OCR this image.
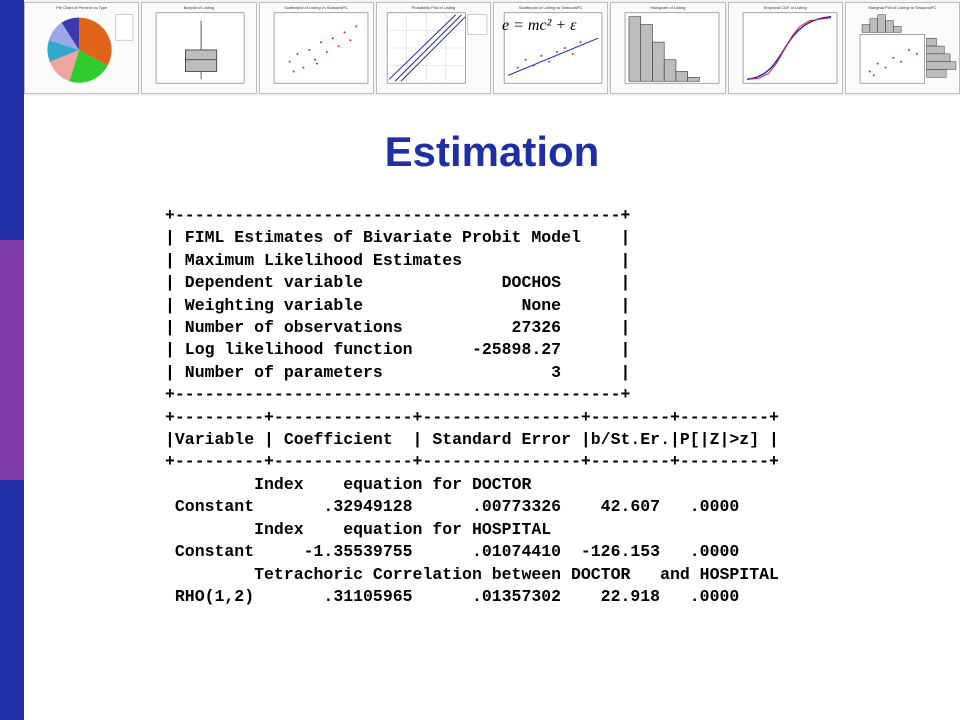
Pie Chart of Percent vs Type	Boxplot of Listing	Scatterplot of Listing vs SeasonsPC	Probability Plot of Listing	Scatterplot of Listing vs SeasonsPC
e = mc² + ε
Histogram of Listing	Empirical CDF of Listing	Marginal Plot of Listing vs SeasonsPC
Estimation
+---------------------------------------------+
| FIML Estimates of Bivariate Probit Model    |
| Maximum Likelihood Estimates                |
| Dependent variable              DOCHOS      |
| Weighting variable                None      |
| Number of observations           27326      |
| Log likelihood function      -25898.27      |
| Number of parameters                 3      |
+---------------------------------------------+
+---------+--------------+----------------+--------+---------+
|Variable | Coefficient  | Standard Error |b/St.Er.|P[|Z|>z] |
+---------+--------------+----------------+--------+---------+
Index    equation for DOCTOR
Constant       .32949128      .00773326    42.607   .0000
Index    equation for HOSPITAL
Constant     -1.35539755      .01074410  -126.153   .0000
Tetrachoric Correlation between DOCTOR   and HOSPITAL
RHO(1,2)       .31105965      .01357302    22.918   .0000
